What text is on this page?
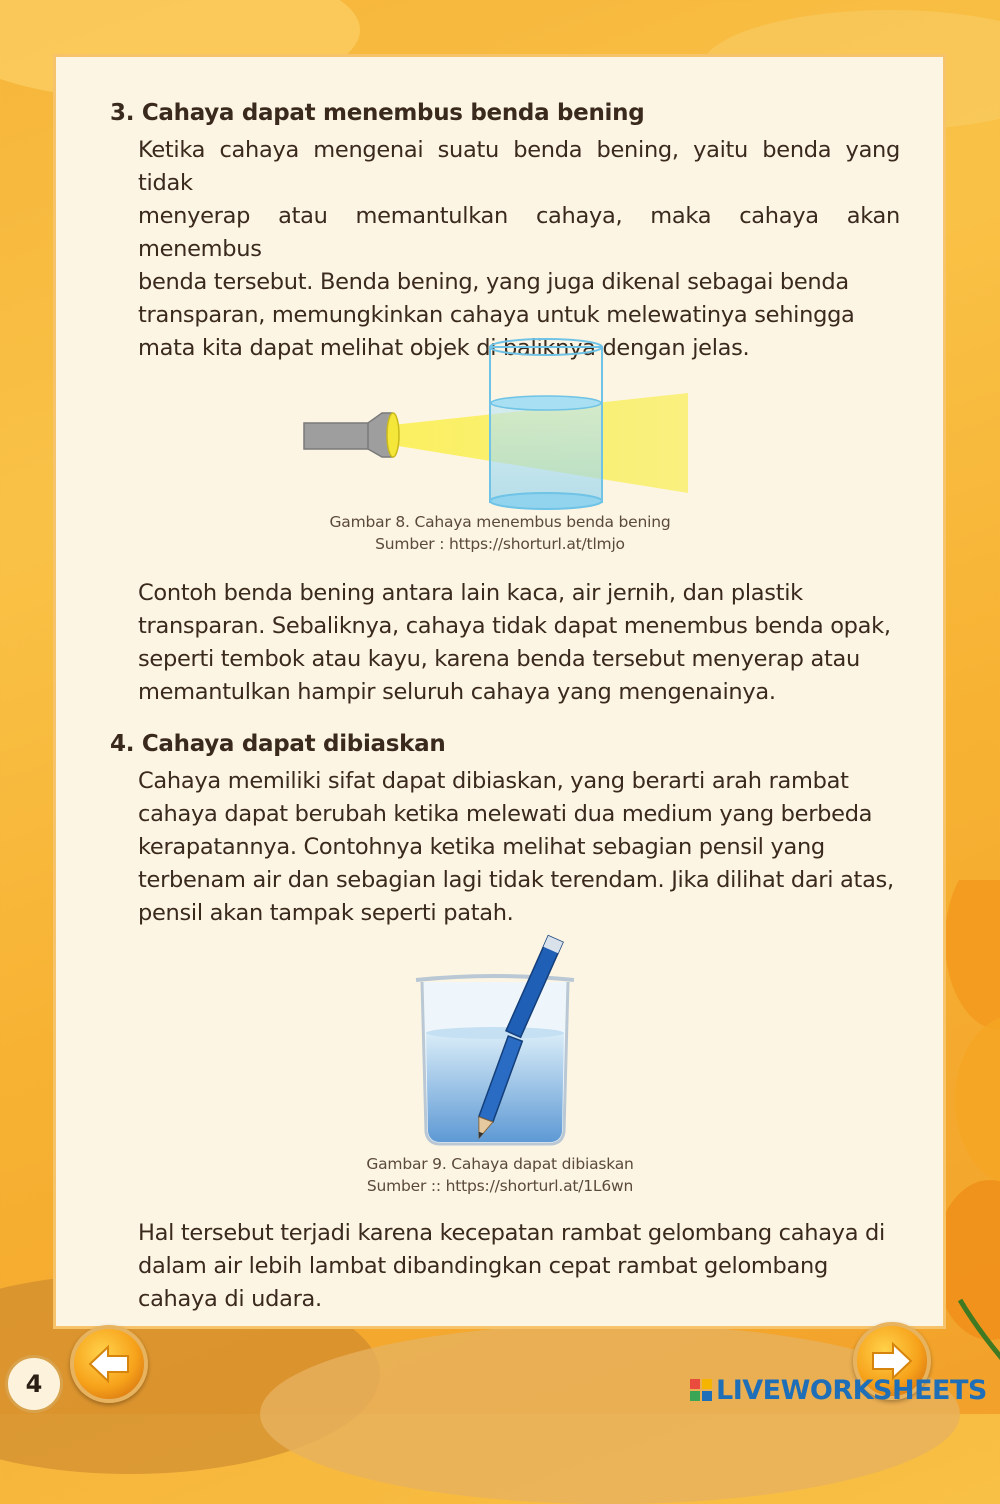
3. Cahaya dapat menembus benda bening
Ketika cahaya mengenai suatu benda bening, yaitu benda yang tidak
menyerap atau memantulkan cahaya, maka cahaya akan menembus
benda tersebut. Benda bening, yang juga dikenal sebagai benda
transparan, memungkinkan cahaya untuk melewatinya sehingga
mata kita dapat melihat objek di baliknya dengan jelas.
Gambar 8. Cahaya menembus benda bening
Sumber : https://shorturl.at/tlmjo
Contoh benda bening antara lain kaca, air jernih, dan plastik
transparan. Sebaliknya, cahaya tidak dapat menembus benda opak,
seperti tembok atau kayu, karena benda tersebut menyerap atau
memantulkan hampir seluruh cahaya yang mengenainya.
4. Cahaya dapat dibiaskan
Cahaya memiliki sifat dapat dibiaskan, yang berarti arah rambat
cahaya dapat berubah ketika melewati dua medium yang berbeda
kerapatannya. Contohnya ketika melihat sebagian pensil yang
terbenam air dan sebagian lagi tidak terendam. Jika dilihat dari atas,
pensil akan tampak seperti patah.
Gambar 9. Cahaya dapat dibiaskan
Sumber :: https://shorturl.at/1L6wn
Hal tersebut terjadi karena kecepatan rambat gelombang cahaya di
dalam air lebih lambat dibandingkan cepat rambat gelombang
cahaya di udara.
4	LIVEWORKSHEETS
